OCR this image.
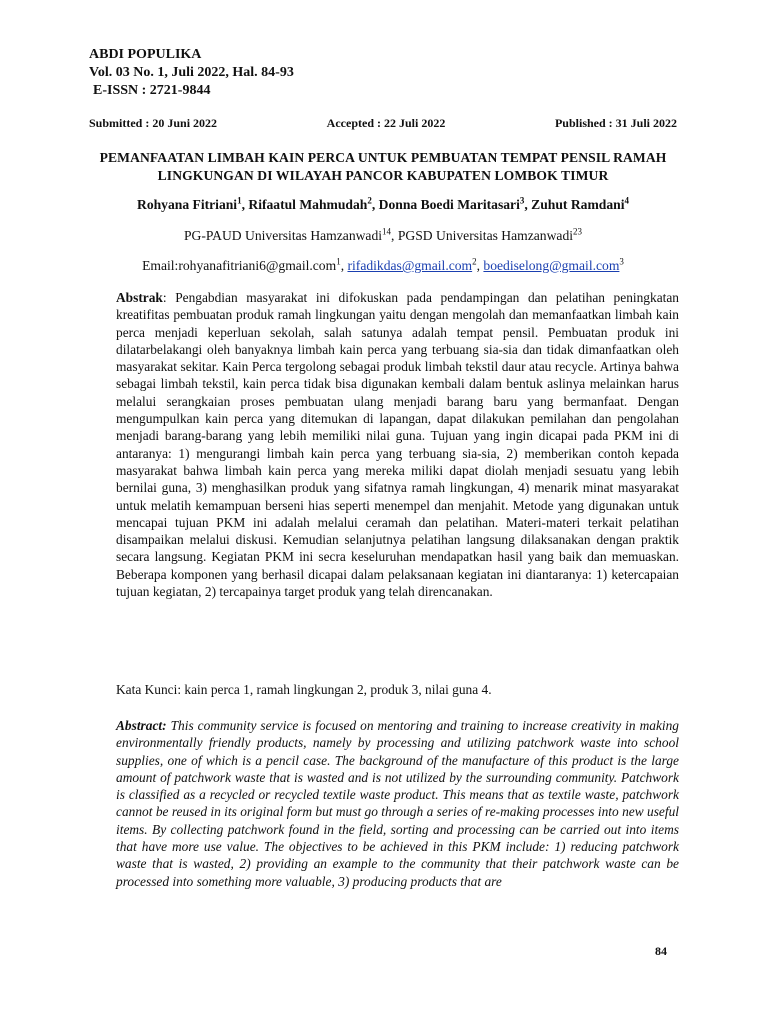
ABDI POPULIKA
Vol. 03 No. 1, Juli 2022, Hal. 84-93
E-ISSN : 2721-9844
Submitted : 20 Juni 2022	Accepted : 22 Juli 2022	Published : 31 Juli 2022
PEMANFAATAN LIMBAH KAIN PERCA UNTUK PEMBUATAN TEMPAT PENSIL RAMAH LINGKUNGAN DI WILAYAH PANCOR KABUPATEN LOMBOK TIMUR
Rohyana Fitriani$^1$, Rifaatul Mahmudah$^2$, Donna Boedi Maritasari$^3$, Zuhut Ramdani$^4$
PG-PAUD Universitas Hamzanwadi$^{14}$, PGSD Universitas Hamzanwadi$^{23}$
Email:rohyanafitriani6@gmail.com$^1$, rifadikdas@gmail.com$^2$, boediselong@gmail.com$^3$
Abstrak: Pengabdian masyarakat ini difokuskan pada pendampingan dan pelatihan peningkatan kreatifitas pembuatan produk ramah lingkungan yaitu dengan mengolah dan memanfaatkan limbah kain perca menjadi keperluan sekolah, salah satunya adalah tempat pensil. Pembuatan produk ini dilatarbelakangi oleh banyaknya limbah kain perca yang terbuang sia-sia dan tidak dimanfaatkan oleh masyarakat sekitar. Kain Perca tergolong sebagai produk limbah tekstil daur atau recycle. Artinya bahwa sebagai limbah tekstil, kain perca tidak bisa digunakan kembali dalam bentuk aslinya melainkan harus melalui serangkaian proses pembuatan ulang menjadi barang baru yang bermanfaat. Dengan mengumpulkan kain perca yang ditemukan di lapangan, dapat dilakukan pemilahan dan pengolahan menjadi barang-barang yang lebih memiliki nilai guna. Tujuan yang ingin dicapai pada PKM ini di antaranya: 1) mengurangi limbah kain perca yang terbuang sia-sia, 2) memberikan contoh kepada masyarakat bahwa limbah kain perca yang mereka miliki dapat diolah menjadi sesuatu yang lebih bernilai guna, 3) menghasilkan produk yang sifatnya ramah lingkungan, 4) menarik minat masyarakat untuk melatih kemampuan berseni hias seperti menempel dan menjahit. Metode yang digunakan untuk mencapai tujuan PKM ini adalah melalui ceramah dan pelatihan. Materi-materi terkait pelatihan disampaikan melalui diskusi. Kemudian selanjutnya pelatihan langsung dilaksanakan dengan praktik secara langsung. Kegiatan PKM ini secra keseluruhan mendapatkan hasil yang baik dan memuaskan. Beberapa komponen yang berhasil dicapai dalam pelaksanaan kegiatan ini diantaranya: 1) ketercapaian tujuan kegiatan, 2) tercapainya target produk yang telah direncanakan.
Kata Kunci: kain perca 1, ramah lingkungan 2, produk 3, nilai guna 4.
Abstract: This community service is focused on mentoring and training to increase creativity in making environmentally friendly products, namely by processing and utilizing patchwork waste into school supplies, one of which is a pencil case. The background of the manufacture of this product is the large amount of patchwork waste that is wasted and is not utilized by the surrounding community. Patchwork is classified as a recycled or recycled textile waste product. This means that as textile waste, patchwork cannot be reused in its original form but must go through a series of re-making processes into new useful items. By collecting patchwork found in the field, sorting and processing can be carried out into items that have more use value. The objectives to be achieved in this PKM include: 1) reducing patchwork waste that is wasted, 2) providing an example to the community that their patchwork waste can be processed into something more valuable, 3) producing products that are
84
